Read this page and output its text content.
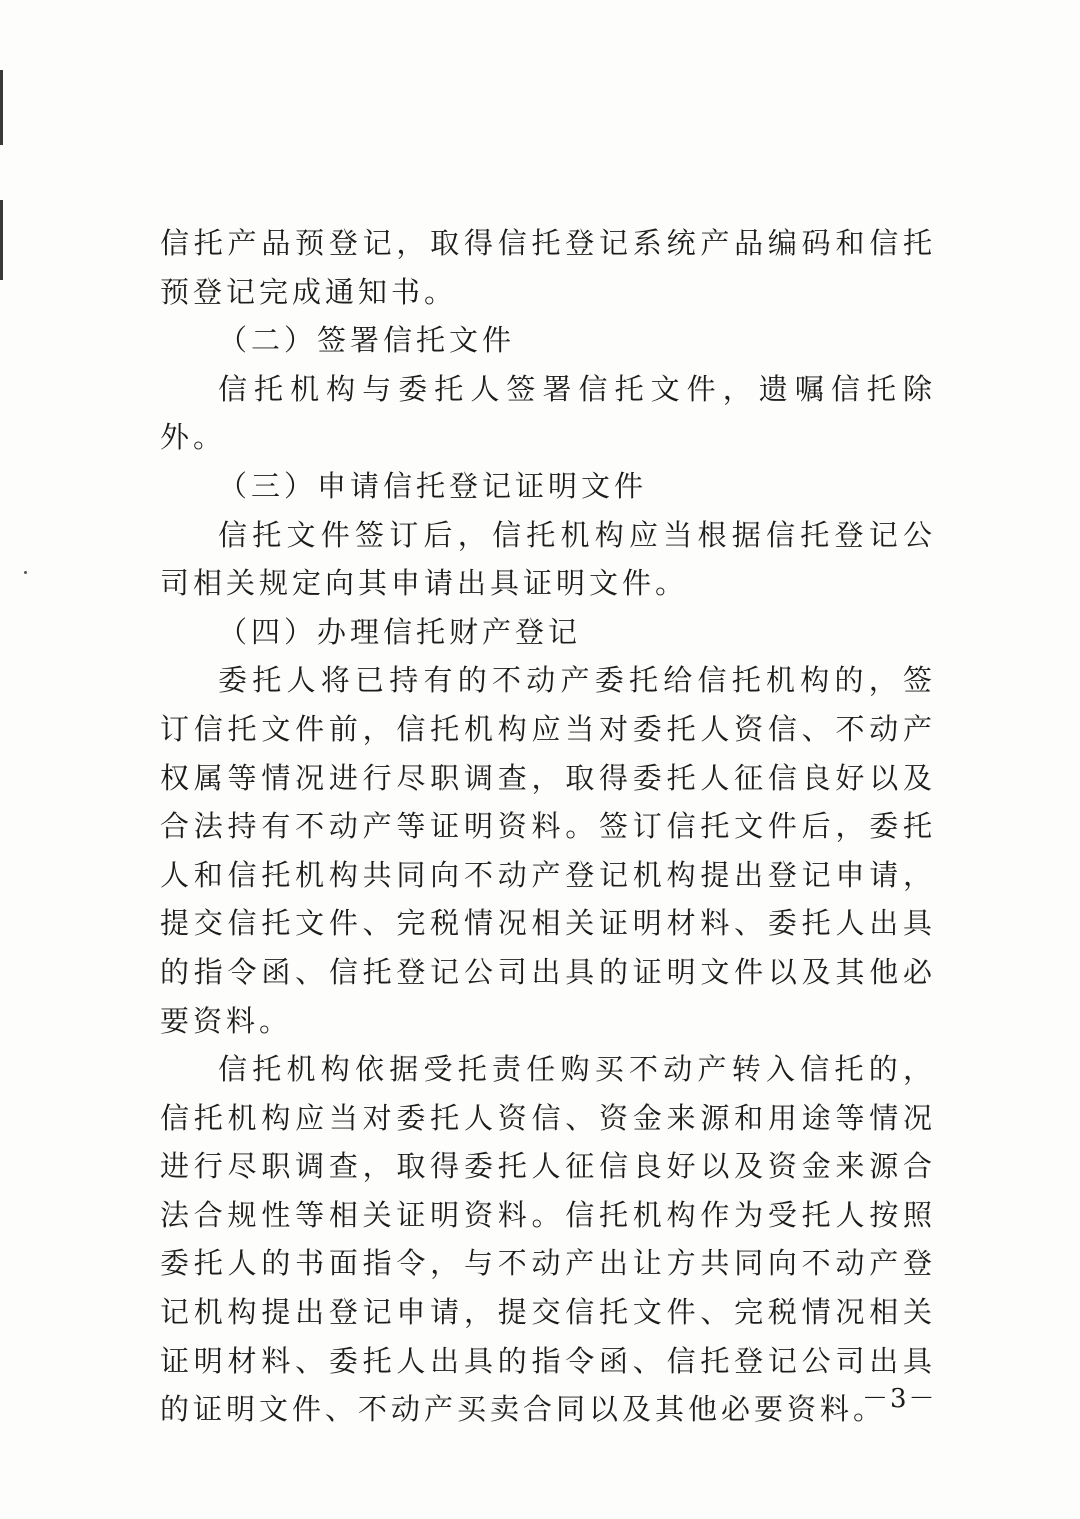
信托产品预登记，取得信托登记系统产品编码和信托预登记完成通知书。

（二）签署信托文件

信托机构与委托人签署信托文件，遗嘱信托除外。

（三）申请信托登记证明文件

信托文件签订后，信托机构应当根据信托登记公司相关规定向其申请出具证明文件。

（四）办理信托财产登记

委托人将已持有的不动产委托给信托机构的，签订信托文件前，信托机构应当对委托人资信、不动产权属等情况进行尽职调查，取得委托人征信良好以及合法持有不动产等证明资料。签订信托文件后，委托人和信托机构共同向不动产登记机构提出登记申请，提交信托文件、完税情况相关证明材料、委托人出具的指令函、信托登记公司出具的证明文件以及其他必要资料。

信托机构依据受托责任购买不动产转入信托的，信托机构应当对委托人资信、资金来源和用途等情况进行尽职调查，取得委托人征信良好以及资金来源合法合规性等相关证明资料。信托机构作为受托人按照委托人的书面指令，与不动产出让方共同向不动产登记机构提出登记申请，提交信托文件、完税情况相关证明材料、委托人出具的指令函、信托登记公司出具的证明文件、不动产买卖合同以及其他必要资料。

－3－
